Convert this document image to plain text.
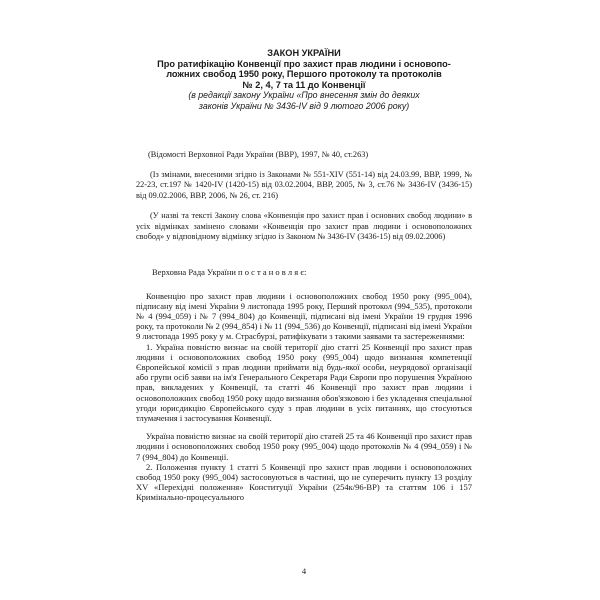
ЗАКОН УКРАЇНИ
Про ратифікацію Конвенції про захист прав людини і основопо-
ложних свобод 1950 року, Першого протоколу та протоколів
№ 2, 4, 7 та 11 до Конвенції
(в редакції закону України «Про внесення змін до деяких
законів України № 3436-IV від 9 лютого 2006 року)

(Відомості Верховної Ради України (ВВР), 1997, № 40, ст.263)

(Із змінами, внесеними згідно із Законами № 551-XIV (551-14) від 24.03.99, ВВР, 1999, № 22-23, ст.197 № 1420-IV (1420-15) від 03.02.2004, ВВР, 2005, № 3, ст.76 № 3436-IV (3436-15) від 09.02.2006, ВВР, 2006, № 26, ст. 216)

(У назві та тексті Закону слова «Конвенція про захист прав і основних свобод людини» в усіх відмінках замінено словами «Конвенція про захист прав людини і основоположних свобод» у відповідному відмінку згідно із Законом № 3436-IV (3436-15) від 09.02.2006)

Верховна Рада України п о с т а н о в л я є:

Конвенцію про захист прав людини і основоположних свобод 1950 року (995_004), підписану від імені України 9 листопада 1995 року, Перший протокол (994_535), протоколи № 4 (994_059) і № 7 (994_804) до Конвенції, підписані від імені України 19 грудня 1996 року, та протоколи № 2 (994_854) і № 11 (994_536) до Конвенції, підписані від імені України 9 листопада 1995 року у м. Страсбурзі, ратифікувати з такими заявами та застереженнями:

1. Україна повністю визнає на своїй території дію статті 25 Конвенції про захист прав людини і основоположних свобод 1950 року (995_004) щодо визнання компетенції Європейської комісії з прав людини приймати від будь-якої особи, неурядової організації або групи осіб заяви на ім'я Генерального Секретаря Ради Європи про порушення Україною прав, викладених у Конвенції, та статті 46 Конвенції про захист прав людини і основоположних свобод 1950 року щодо визнання обов'язковою і без укладення спеціальної угоди юрисдикцію Європейського суду з прав людини в усіх питаннях, що стосуються тлумачення і застосування Конвенції.

Україна повністю визнає на своїй території дію статей 25 та 46 Конвенції про захист прав людини і основоположних свобод 1950 року (995_004) щодо протоколів № 4 (994_059) і № 7 (994_804) до Конвенції.

2. Положення пункту 1 статті 5 Конвенції про захист прав людини і основоположних свобод 1950 року (995_004) застосовуються в частині, що не суперечить пункту 13 розділу XV «Перехідні положення» Конституції України (254к/96-ВР) та статтям 106 і 157 Кримінально-процесуального

4
